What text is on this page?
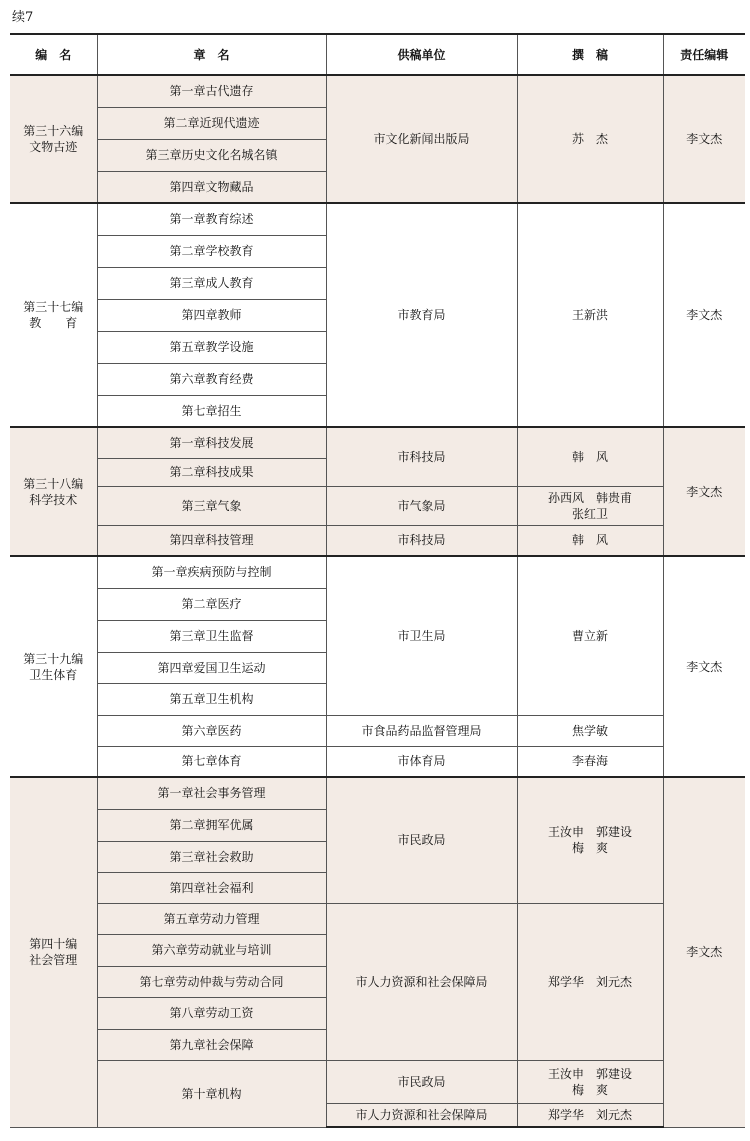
续7
编　名	章　名	供稿单位	撰　稿	责任编辑

第三十六编
文物古迹	第一章古代遗存	市文化新闻出版局	苏　杰	李文杰
	第二章近现代遗迹			
	第三章历史文化名城名镇			
	第四章文物藏品			

第三十七编
教　　育	第一章教育综述	市教育局	王新洪	李文杰
	第二章学校教育			
	第三章成人教育			
	第四章教师			
	第五章教学设施			
	第六章教育经费			
	第七章招生			

第三十八编
科学技术	第一章科技发展	市科技局	韩　风	李文杰
	第二章科技成果			
	第三章气象	市气象局	孙西风　韩贵甫
张红卫	

	第四章科技管理	市科技局	韩　风	

第三十九编
卫生体育	第一章疾病预防与控制	市卫生局	曹立新	李文杰
	第二章医疗			
	第三章卫生监督			
	第四章爱国卫生运动			
	第五章卫生机构			
	第六章医药	市食品药品监督管理局	焦学敏	

	第七章体育	市体育局	李春海	

第四十编
社会管理	第一章社会事务管理	市民政局	王汝申　郭建设
梅　爽	李文杰
	第二章拥军优属			
	第三章社会救助			
	第四章社会福利			
	第五章劳动力管理	市人力资源和社会保障局	郑学华　刘元杰	

	第六章劳动就业与培训			
	第七章劳动仲裁与劳动合同			
	第八章劳动工资			
	第九章社会保障			
	第十章机构	市民政局	王汝申　郭建设
梅　爽	

		市人力资源和社会保障局	郑学华　刘元杰	
